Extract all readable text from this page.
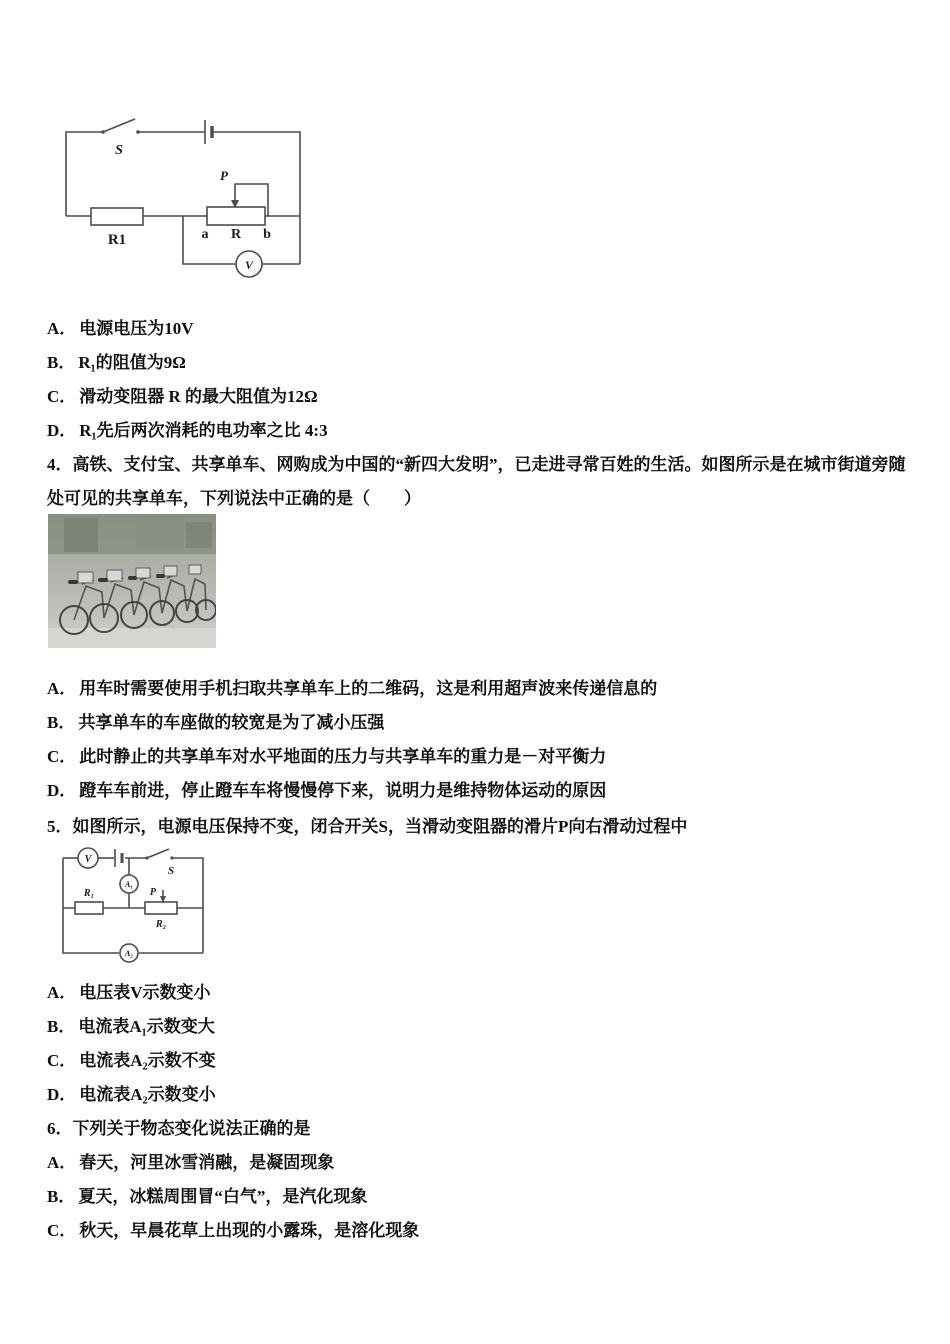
S
R1
P
a R b
V
A． 电源电压为10V
B． R₁的阻值为9Ω
C． 滑动变阻器 R 的最大阻值为12Ω
D． R₁先后两次消耗的电功率之比 4:3
4．高铁、支付宝、共享单车、网购成为中国的“新四大发明”，已走进寻常百姓的生活。如图所示是在城市街道旁随处可见的共享单车，下列说法中正确的是（　　）
A． 用车时需要使用手机扫取共享单车上的二维码，这是利用超声波来传递信息的
B． 共享单车的车座做的较宽是为了减小压强
C． 此时静止的共享单车对水平地面的压力与共享单车的重力是－对平衡力
D． 蹬车车前进，停止蹬车车将慢慢停下来，说明力是维持物体运动的原因
5．如图所示，电源电压保持不变，闭合开关S，当滑动变阻器的滑片P向右滑动过程中
S
V
A₁
R₁	P
R₂
A₂
A． 电压表V示数变小
B． 电流表A₁示数变大
C． 电流表A₂示数不变
D． 电流表A₂示数变小
6．下列关于物态变化说法正确的是
A． 春天，河里冰雪消融，是凝固现象
B． 夏天，冰糕周围冒“白气”，是汽化现象
C． 秋天，早晨花草上出现的小露珠，是溶化现象
